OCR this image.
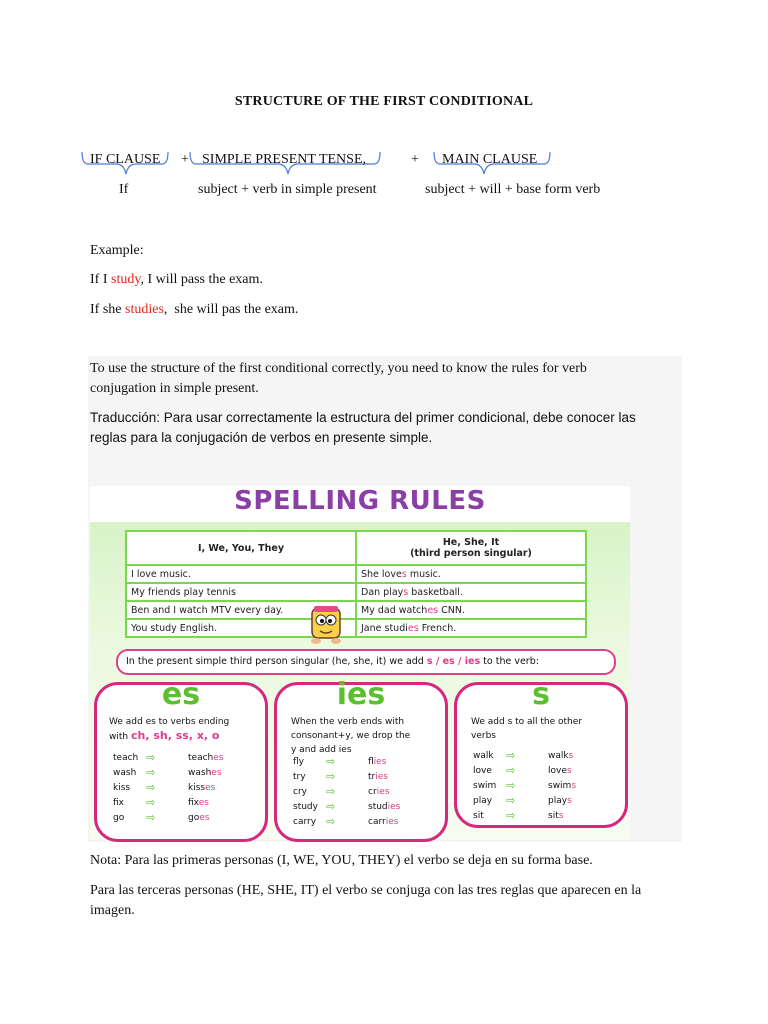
STRUCTURE OF THE FIRST CONDITIONAL
IF CLAUSE + SIMPLE PRESENT TENSE,	+ MAIN CLAUSE
If	subject + verb in simple present	subject + will + base form verb
Example:
If I study, I will pass the exam.
If she studies,  she will pas the exam.
To use the structure of the first conditional correctly, you need to know the rules for verb conjugation in simple present.
Traducción: Para usar correctamente la estructura del primer condicional, debe conocer las reglas para la conjugación de verbos en presente simple.
SPELLING RULES
I, We, You, They	He, She, It
(third person singular)
I love music.	She loves music.
My friends play tennis	Dan plays basketball.
Ben and I watch MTV every day.	My dad watches CNN.
You study English.	Jane studies French.
In the present simple third person singular (he, she, it) we add s / es / ies to the verb:
es
We add es to verbs ending
with ch, sh, ss, x, o
teach ⇨	teaches
wash ⇨	washes
kiss ⇨	kisses
fix ⇨	fixes
go ⇨	goes
ies
When the verb ends with
consonant+y, we drop the
y and add ies
fly ⇨	flies
try ⇨	tries
cry ⇨	cries
study ⇨	studies
carry ⇨	carries
s
We add s to all the other
verbs
walk ⇨	walks
love ⇨	loves
swim ⇨	swims
play ⇨	plays
sit ⇨	sits
Nota: Para las primeras personas (I, WE, YOU, THEY) el verbo se deja en su forma base.
Para las terceras personas (HE, SHE, IT) el verbo se conjuga con las tres reglas que aparecen en la imagen.
